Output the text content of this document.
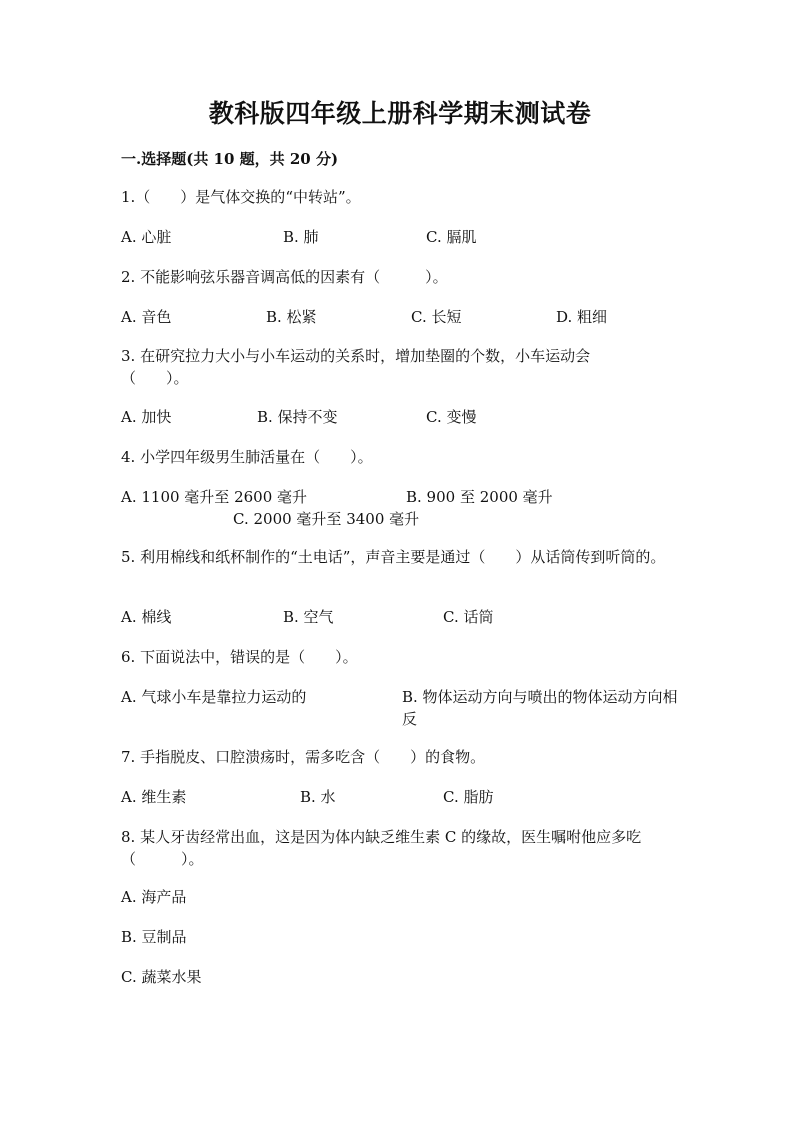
教科版四年级上册科学期末测试卷
一.选择题(共 10 题，共 20 分)
1.（　　）是气体交换的“中转站”。
A. 心脏	B. 肺	C. 膈肌
2. 不能影响弦乐器音调高低的因素有（　　　）。
A. 音色	B. 松紧	C. 长短	D. 粗细
3. 在研究拉力大小与小车运动的关系时，增加垫圈的个数，小车运动会（　　）。
A. 加快	B. 保持不变	C. 变慢
4. 小学四年级男生肺活量在（　　）。
A. 1100 毫升至 2600 毫升	B. 900 至 2000 毫升
C. 2000 毫升至 3400 毫升
5. 利用棉线和纸杯制作的“土电话”，声音主要是通过（　　）从话筒传到听筒的。
A. 棉线	B. 空气	C. 话筒
6. 下面说法中，错误的是（　　）。
A. 气球小车是靠拉力运动的	B. 物体运动方向与喷出的物体运动方向相反
7. 手指脱皮、口腔溃疡时，需多吃含（　　）的食物。
A. 维生素	B. 水	C. 脂肪
8. 某人牙齿经常出血，这是因为体内缺乏维生素 C 的缘故，医生嘱咐他应多吃（　　　）。
A. 海产品
B. 豆制品
C. 蔬菜水果
